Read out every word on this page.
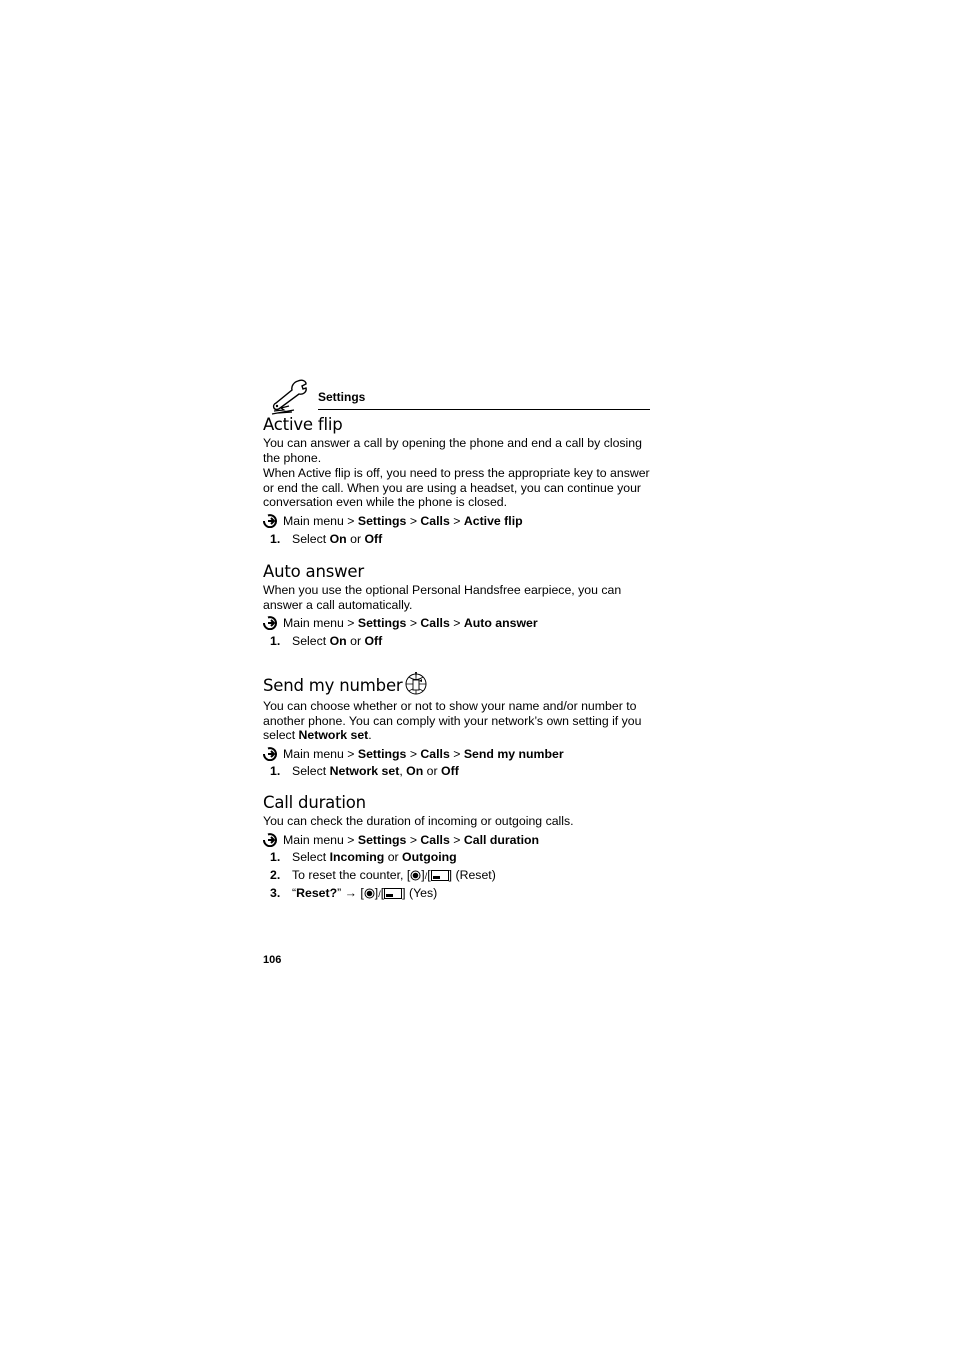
Settings
Active flip

You can answer a call by opening the phone and end a call by closing the phone.

When Active flip is off, you need to press the appropriate key to answer or end the call. When you are using a headset, you can continue your conversation even while the phone is closed.

Main menu
>
Settings
>
Calls
>
Active flip
1. Select On or Off
Auto answer

When you use the optional Personal Handsfree earpiece, you can answer a call automatically.

Main menu
>
Settings
>
Calls
>
Auto answer
1. Select On or Off
Send my number

You can choose whether or not to show your name and/or number to another phone. You can comply with your network’s own setting if you select Network set.

Main menu
>
Settings
>
Calls
>
Send my number
1. Select Network set, On or Off
Call duration

You can check the duration of incoming or outgoing calls.

Main menu
>
Settings
>
Calls
>
Call duration
1. Select Incoming or Outgoing
2. To reset the counter, [ ]/[ ] (Reset)
3. “Reset?” → [ ]/[ ] (Yes)
106
